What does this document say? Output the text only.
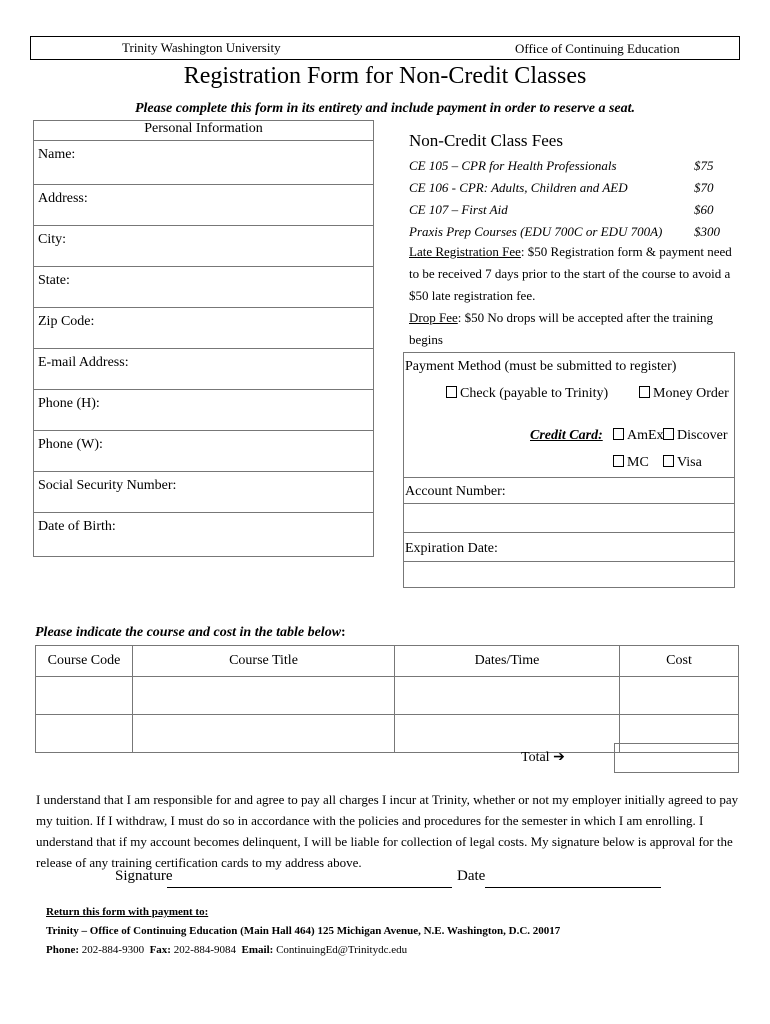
Trinity Washington University	Office of Continuing Education
Registration Form for Non-Credit Classes
Please complete this form in its entirety and include payment in order to reserve a seat.
Personal Information
Name:
Address:
City:
State:
Zip Code:
E-mail Address:
Phone (H):
Phone (W):
Social Security Number:
Date of Birth:
Non-Credit Class Fees
CE 105 – CPR for Health Professionals	$75
CE 106 - CPR: Adults, Children and AED	$70
CE 107 – First Aid	$60
Praxis Prep Courses (EDU 700C or EDU 700A) $300
Late Registration Fee: $50 Registration form & payment need to be received 7 days prior to the start of the course to avoid a $50 late registration fee.
Drop Fee: $50 No drops will be accepted after the training begins
Payment Method (must be submitted to register)
Check (payable to Trinity)	Money Order
Credit Card:	AmEx Discover
MC	Visa
Account Number:
Expiration Date:
Please indicate the course and cost in the table below:
Course Code	Course Title	Dates/Time	Cost

Total ➔
I understand that I am responsible for and agree to pay all charges I incur at Trinity, whether or not my employer initially agreed to pay my tuition. If I withdraw, I must do so in accordance with the policies and procedures for the semester in which I am enrolling. I understand that if my account becomes delinquent, I will be liable for collection of legal costs. My signature below is approval for the release of any training certification cards to my address above.
Signature	Date
Return this form with payment to:
Trinity – Office of Continuing Education (Main Hall 464) 125 Michigan Avenue, N.E. Washington, D.C. 20017
Phone: 202-884-9300 Fax: 202-884-9084 Email: ContinuingEd@Trinitydc.edu
